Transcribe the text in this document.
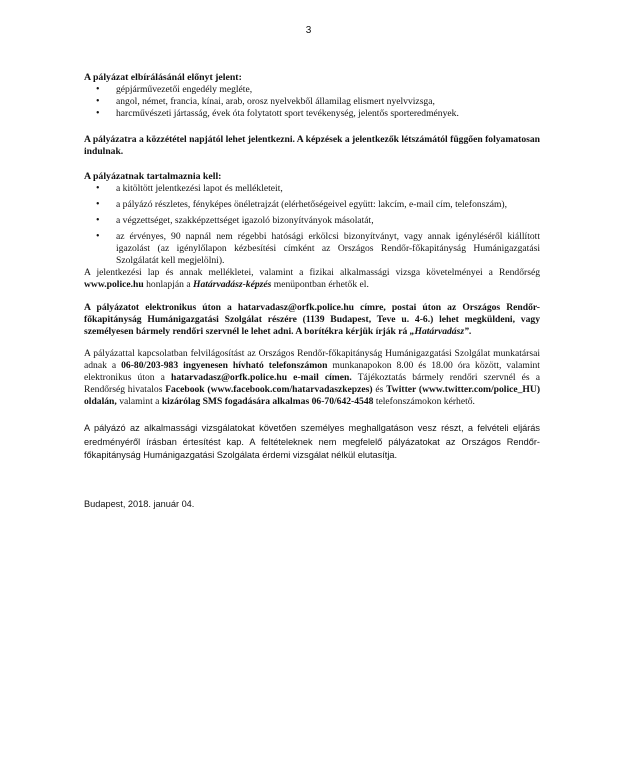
3
A pályázat elbírálásánál előnyt jelent:
• gépjárművezetői engedély megléte,
• angol, német, francia, kínai, arab, orosz nyelvekből államilag elismert nyelvvizsga,
• harcművészeti jártasság, évek óta folytatott sport tevékenység, jelentős sporteredmények.

A pályázatra a közzététel napjától lehet jelentkezni. A képzések a jelentkezők létszámától függően folyamatosan indulnak.

A pályázatnak tartalmaznia kell:
• a kitöltött jelentkezési lapot és mellékleteit,
• a pályázó részletes, fényképes önéletrajzát (elérhetőségeivel együtt: lakcím, e-mail cím, telefonszám),
• a végzettséget, szakképzettséget igazoló bizonyítványok másolatát,
• az érvényes, 90 napnál nem régebbi hatósági erkölcsi bizonyítványt, vagy annak igényléséről kiállított igazolást (az igénylőlapon kézbesítési címként az Országos Rendőr-főkapitányság Humánigazgatási Szolgálatát kell megjelölni).

A jelentkezési lap és annak mellékletei, valamint a fizikai alkalmassági vizsga követelményei a Rendőrség www.police.hu honlapján a Határvadász-képzés menüpontban érhetők el.

A pályázatot elektronikus úton a hatarvadasz@orfk.police.hu címre, postai úton az Országos Rendőr-főkapitányság Humánigazgatási Szolgálat részére (1139 Budapest, Teve u. 4-6.) lehet megküldeni, vagy személyesen bármely rendőri szervnél le lehet adni. A borítékra kérjük írják rá „Határvadász”.

A pályázattal kapcsolatban felvilágosítást az Országos Rendőr-főkapitányság Humánigazgatási Szolgálat munkatársai adnak a 06-80/203-983 ingyenesen hívható telefonszámon munkanapokon 8.00 és 18.00 óra között, valamint elektronikus úton a hatarvadasz@orfk.police.hu e-mail címen. Tájékoztatás bármely rendőri szervnél és a Rendőrség hivatalos Facebook (www.facebook.com/hatarvadaszkepzes) és Twitter (www.twitter.com/police_HU) oldalán, valamint a kizárólag SMS fogadására alkalmas 06-70/642-4548 telefonszámokon kérhető.

A pályázó az alkalmassági vizsgálatokat követően személyes meghallgatáson vesz részt, a felvételi eljárás eredményéről írásban értesítést kap. A feltételeknek nem megfelelő pályázatokat az Országos Rendőr-főkapitányság Humánigazgatási Szolgálata érdemi vizsgálat nélkül elutasítja.

Budapest, 2018. január 04.
